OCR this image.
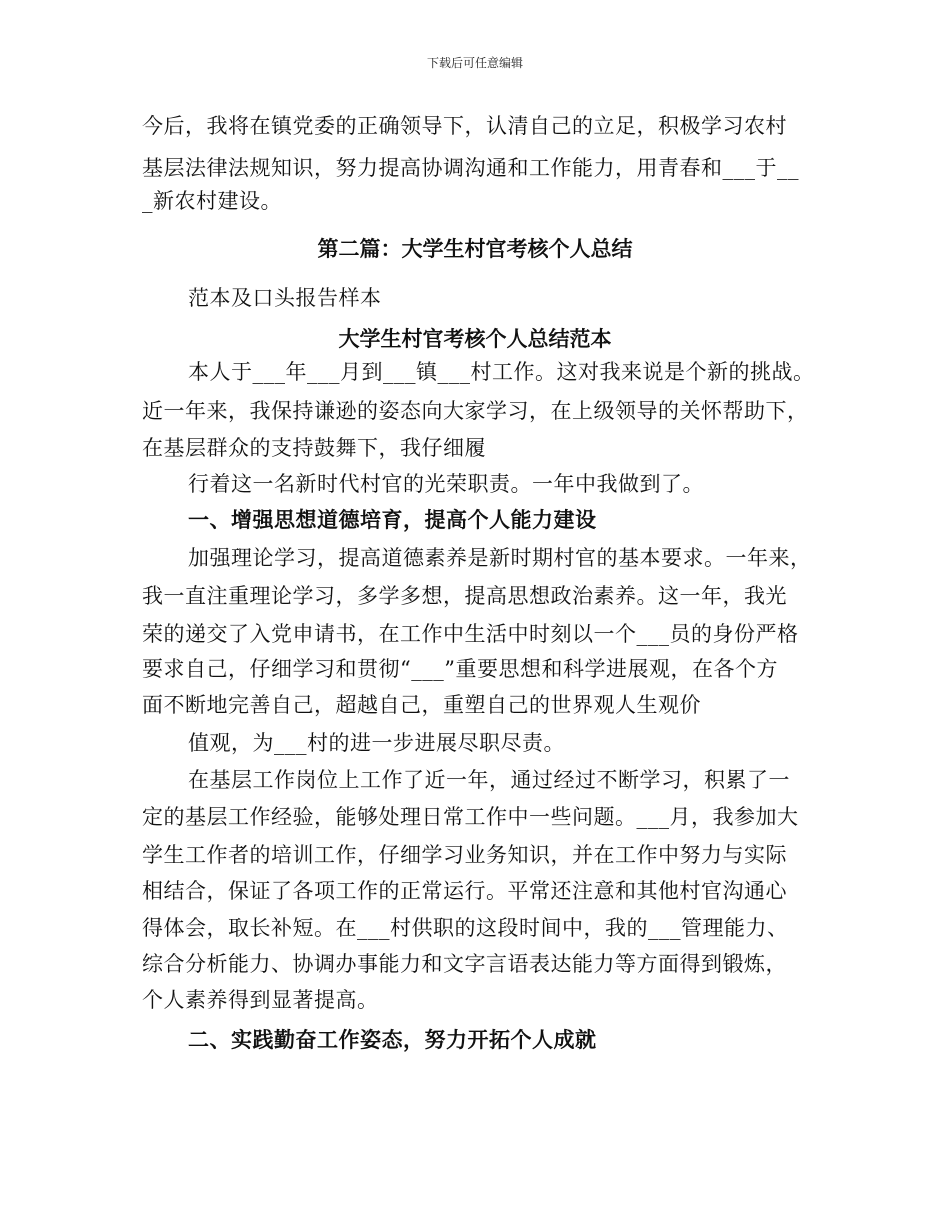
下载后可任意编辑
今后，我将在镇党委的正确领导下，认清自己的立足，积极学习农村
基层法律法规知识，努力提高协调沟通和工作能力，用青春和___于__
_新农村建设。
第二篇：大学生村官考核个人总结
范本及口头报告样本
大学生村官考核个人总结范本
本人于___年___月到___镇___村工作。这对我来说是个新的挑战。
近一年来，我保持谦逊的姿态向大家学习，在上级领导的关怀帮助下，
在基层群众的支持鼓舞下，我仔细履
行着这一名新时代村官的光荣职责。一年中我做到了。
一、增强思想道德培育，提高个人能力建设
加强理论学习，提高道德素养是新时期村官的基本要求。一年来，
我一直注重理论学习，多学多想，提高思想政治素养。这一年，我光
荣的递交了入党申请书，在工作中生活中时刻以一个___员的身份严格
要求自己，仔细学习和贯彻“___”重要思想和科学进展观，在各个方
面不断地完善自己，超越自己，重塑自己的世界观人生观价
值观，为___村的进一步进展尽职尽责。
在基层工作岗位上工作了近一年，通过经过不断学习，积累了一
定的基层工作经验，能够处理日常工作中一些问题。___月，我参加大
学生工作者的培训工作，仔细学习业务知识，并在工作中努力与实际
相结合，保证了各项工作的正常运行。平常还注意和其他村官沟通心
得体会，取长补短。在___村供职的这段时间中，我的___管理能力、
综合分析能力、协调办事能力和文字言语表达能力等方面得到锻炼，
个人素养得到显著提高。
二、实践勤奋工作姿态，努力开拓个人成就
